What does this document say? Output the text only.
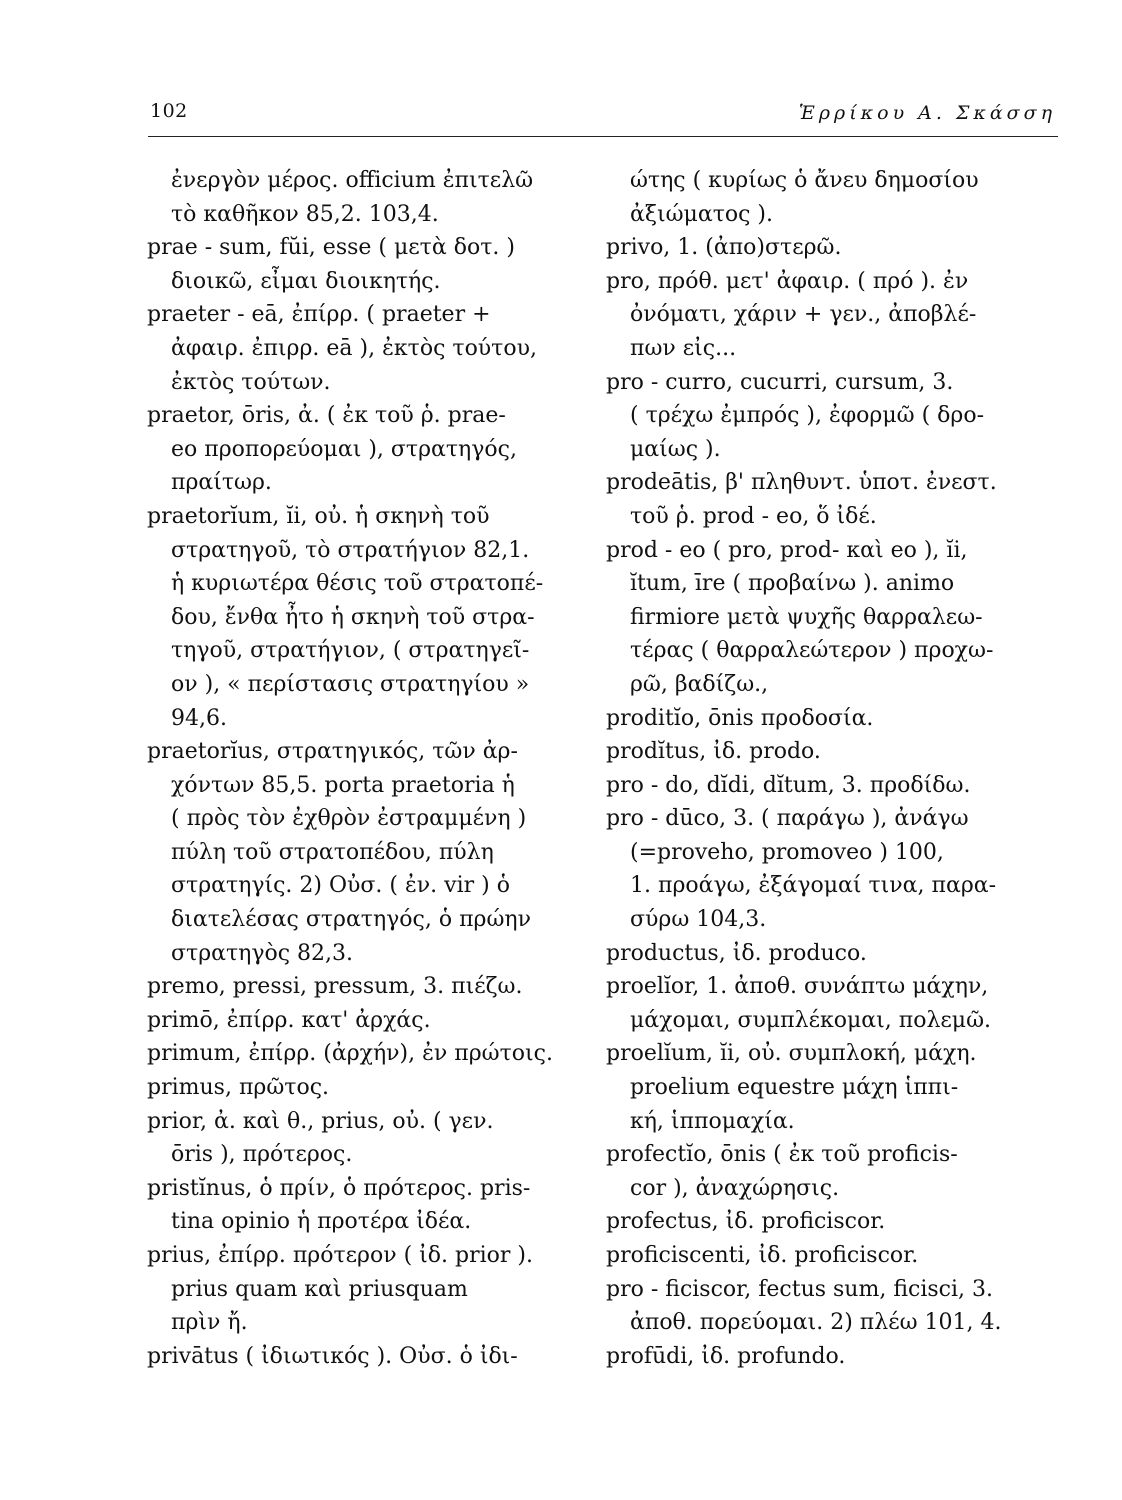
102	Ἑρρίκου Α. Σκάσση
ἐνεργὸν μέρος. officium ἐπιτελῶ
τὸ καθῆκον 85,2. 103,4.
prae - sum, fŭi, esse ( μετὰ δοτ. )
διοικῶ, εἶμαι διοικητής.
praeter - eā, ἐπίρρ. ( praeter +
ἀφαιρ. ἐπιρρ. eā ), ἐκτὸς τούτου,
ἐκτὸς τούτων.
praetor, ōris, ἀ. ( ἐκ τοῦ ῥ. prae-
eo προπορεύομαι ), στρατηγός,
πραίτωρ.
praetorĭum, ĭi, οὐ. ἡ σκηνὴ τοῦ
στρατηγοῦ, τὸ στρατήγιον 82,1.
ἡ κυριωτέρα θέσις τοῦ στρατοπέ-
δου, ἔνθα ἦτο ἡ σκηνὴ τοῦ στρα-
τηγοῦ, στρατήγιον, ( στρατηγεῖ-
ον ), « περίστασις στρατηγίου »
94,6.
praetorĭus, στρατηγικός, τῶν ἀρ-
χόντων 85,5. porta praetoria ἡ
( πρὸς τὸν ἐχθρὸν ἐστραμμένη )
πύλη τοῦ στρατοπέδου, πύλη
στρατηγίς. 2) Οὐσ. ( ἐν. vir ) ὁ
διατελέσας στρατηγός, ὁ πρώην
στρατηγὸς 82,3.
premo, pressi, pressum, 3. πιέζω.
primō, ἐπίρρ. κατ' ἀρχάς.
primum, ἐπίρρ. (ἀρχήν), ἐν πρώτοις.
primus, πρῶτος.
prior, ἀ. καὶ θ., prius, οὐ. ( γεν.
ōris ), πρότερος.
pristĭnus, ὁ πρίν, ὁ πρότερος. pris-
tina opinio ἡ προτέρα ἰδέα.
prius, ἐπίρρ. πρότερον ( ἰδ. prior ).
prius quam καὶ priusquam
πρὶν ἤ.
privātus ( ἰδιωτικός ). Οὐσ. ὁ ἰδι-
ώτης ( κυρίως ὁ ἄνευ δημοσίου
ἀξιώματος ).
privo, 1. (ἀπο)στερῶ.
pro, πρόθ. μετ' ἀφαιρ. ( πρό ). ἐν
ὀνόματι, χάριν + γεν., ἀποβλέ-
πων εἰς...
pro - curro, cucurri, cursum, 3.
( τρέχω ἐμπρός ), ἐφορμῶ ( δρο-
μαίως ).
prodeātis, β' πληθυντ. ὑποτ. ἐνεστ.
τοῦ ῥ. prod - eo, ὅ ἰδέ.
prod - eo ( pro, prod- καὶ eo ), ĭi,
ĭtum, īre ( προβαίνω ). animo
firmiore μετὰ ψυχῆς θαρραλεω-
τέρας ( θαρραλεώτερον ) προχω-
ρῶ, βαδίζω.,
proditĭo, ōnis προδοσία.
prodĭtus, ἰδ. prodo.
pro - do, dĭdi, dĭtum, 3. προδίδω.
pro - dūco, 3. ( παράγω ), ἀνάγω
(=proveho, promoveo ) 100,
1. προάγω, ἐξάγομαί τινα, παρα-
σύρω 104,3.
productus, ἰδ. produco.
proelĭor, 1. ἀποθ. συνάπτω μάχην,
μάχομαι, συμπλέκομαι, πολεμῶ.
proelĭum, ĭi, οὐ. συμπλοκή, μάχη.
proelium equestre μάχη ἱππι-
κή, ἱππομαχία.
profectĭo, ōnis ( ἐκ τοῦ proficis-
cor ), ἀναχώρησις.
profectus, ἰδ. proficiscor.
proficiscenti, ἰδ. proficiscor.
pro - ficiscor, fectus sum, ficisci, 3.
ἀποθ. πορεύομαι. 2) πλέω 101, 4.
profūdi, ἰδ. profundo.
